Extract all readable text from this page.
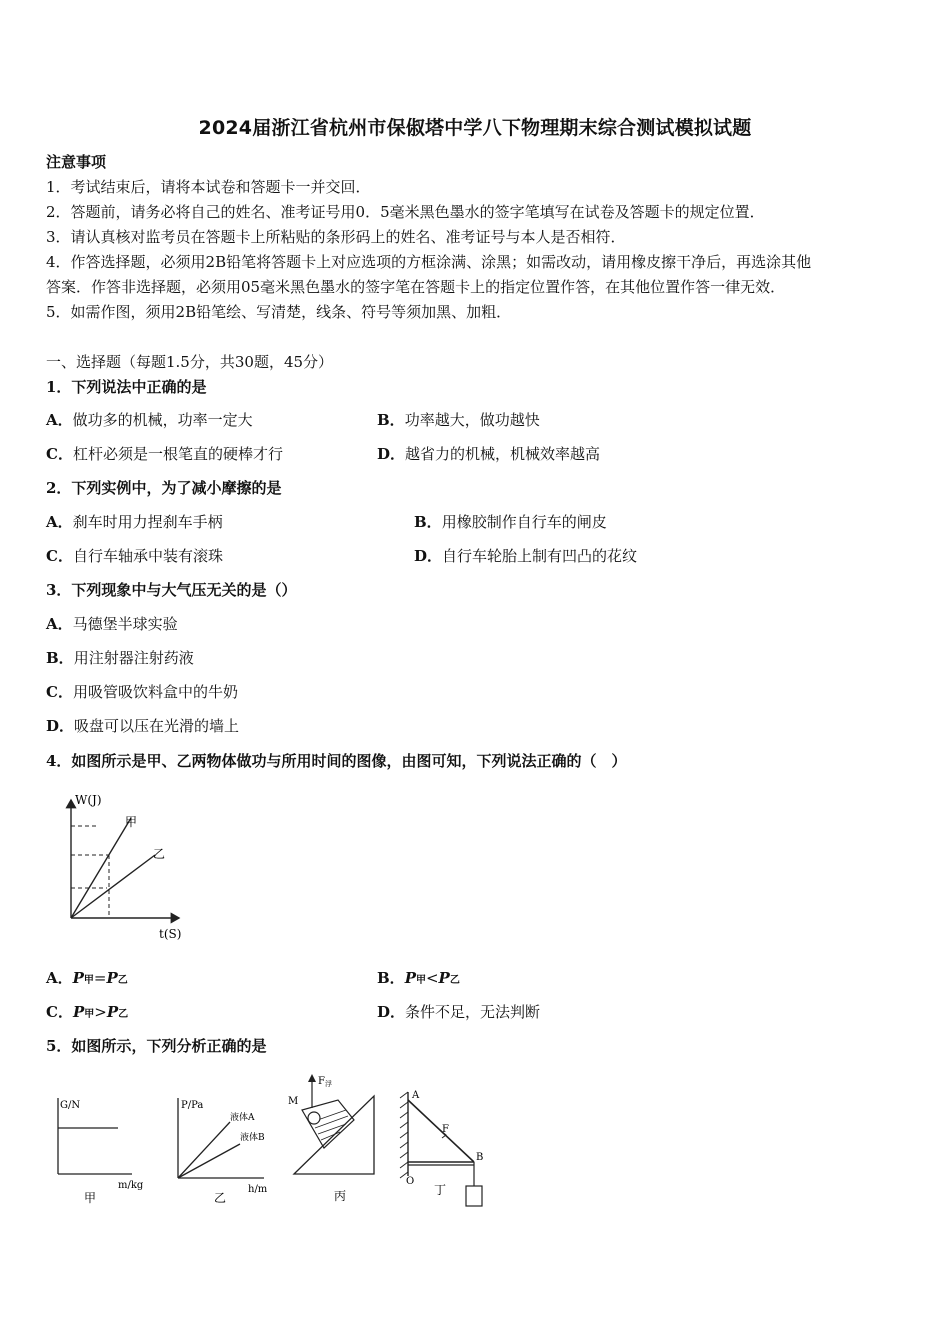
2024届浙江省杭州市保俶塔中学八下物理期末综合测试模拟试题
注意事项
1．考试结束后，请将本试卷和答题卡一并交回．
2．答题前，请务必将自己的姓名、准考证号用0．5毫米黑色墨水的签字笔填写在试卷及答题卡的规定位置．
3．请认真核对监考员在答题卡上所粘贴的条形码上的姓名、准考证号与本人是否相符．
4．作答选择题，必须用2B铅笔将答题卡上对应选项的方框涂满、涂黑；如需改动，请用橡皮擦干净后，再选涂其他
答案．作答非选择题，必须用05毫米黑色墨水的签字笔在答题卡上的指定位置作答，在其他位置作答一律无效．
5．如需作图，须用2B铅笔绘、写清楚，线条、符号等须加黑、加粗．
一、选择题（每题1.5分，共30题，45分）
1．下列说法中正确的是
A．做功多的机械，功率一定大	B．功率越大，做功越快
C．杠杆必须是一根笔直的硬棒才行	D．越省力的机械，机械效率越高
2．下列实例中，为了减小摩擦的是
A．刹车时用力捏刹车手柄	B．用橡胶制作自行车的闸皮
C．自行车轴承中装有滚珠	D．自行车轮胎上制有凹凸的花纹
3．下列现象中与大气压无关的是（）
A．马德堡半球实验
B．用注射器注射药液
C．用吸管吸饮料盒中的牛奶
D．吸盘可以压在光滑的墙上
4．如图所示是甲、乙两物体做功与所用时间的图像，由图可知，下列说法正确的（　）
W(J)
t(S)
甲
乙
A．P甲=P乙	B．P甲<P乙
C．P甲>P乙	D．条件不足，无法判断
5．如图所示，下列分析正确的是
G/N
m/kg
甲
P/Pa
液体A
液体B
h/m
乙
$F_浮$
M
丙
A
F
B
O
丁
